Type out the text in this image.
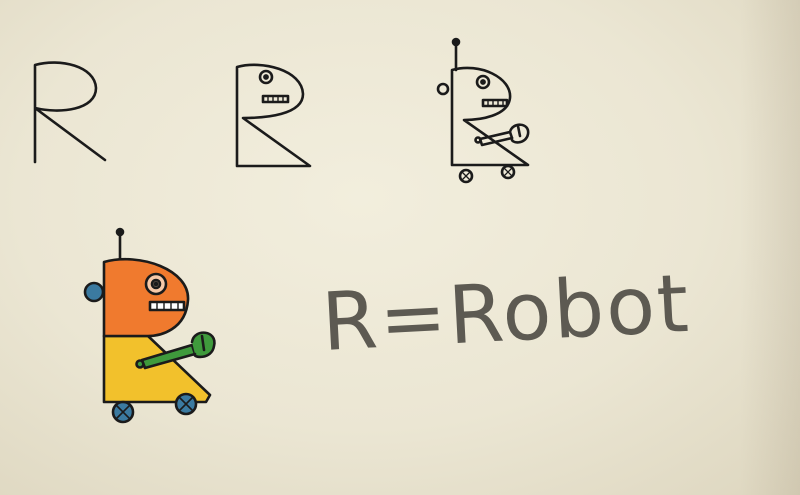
R=Robot
